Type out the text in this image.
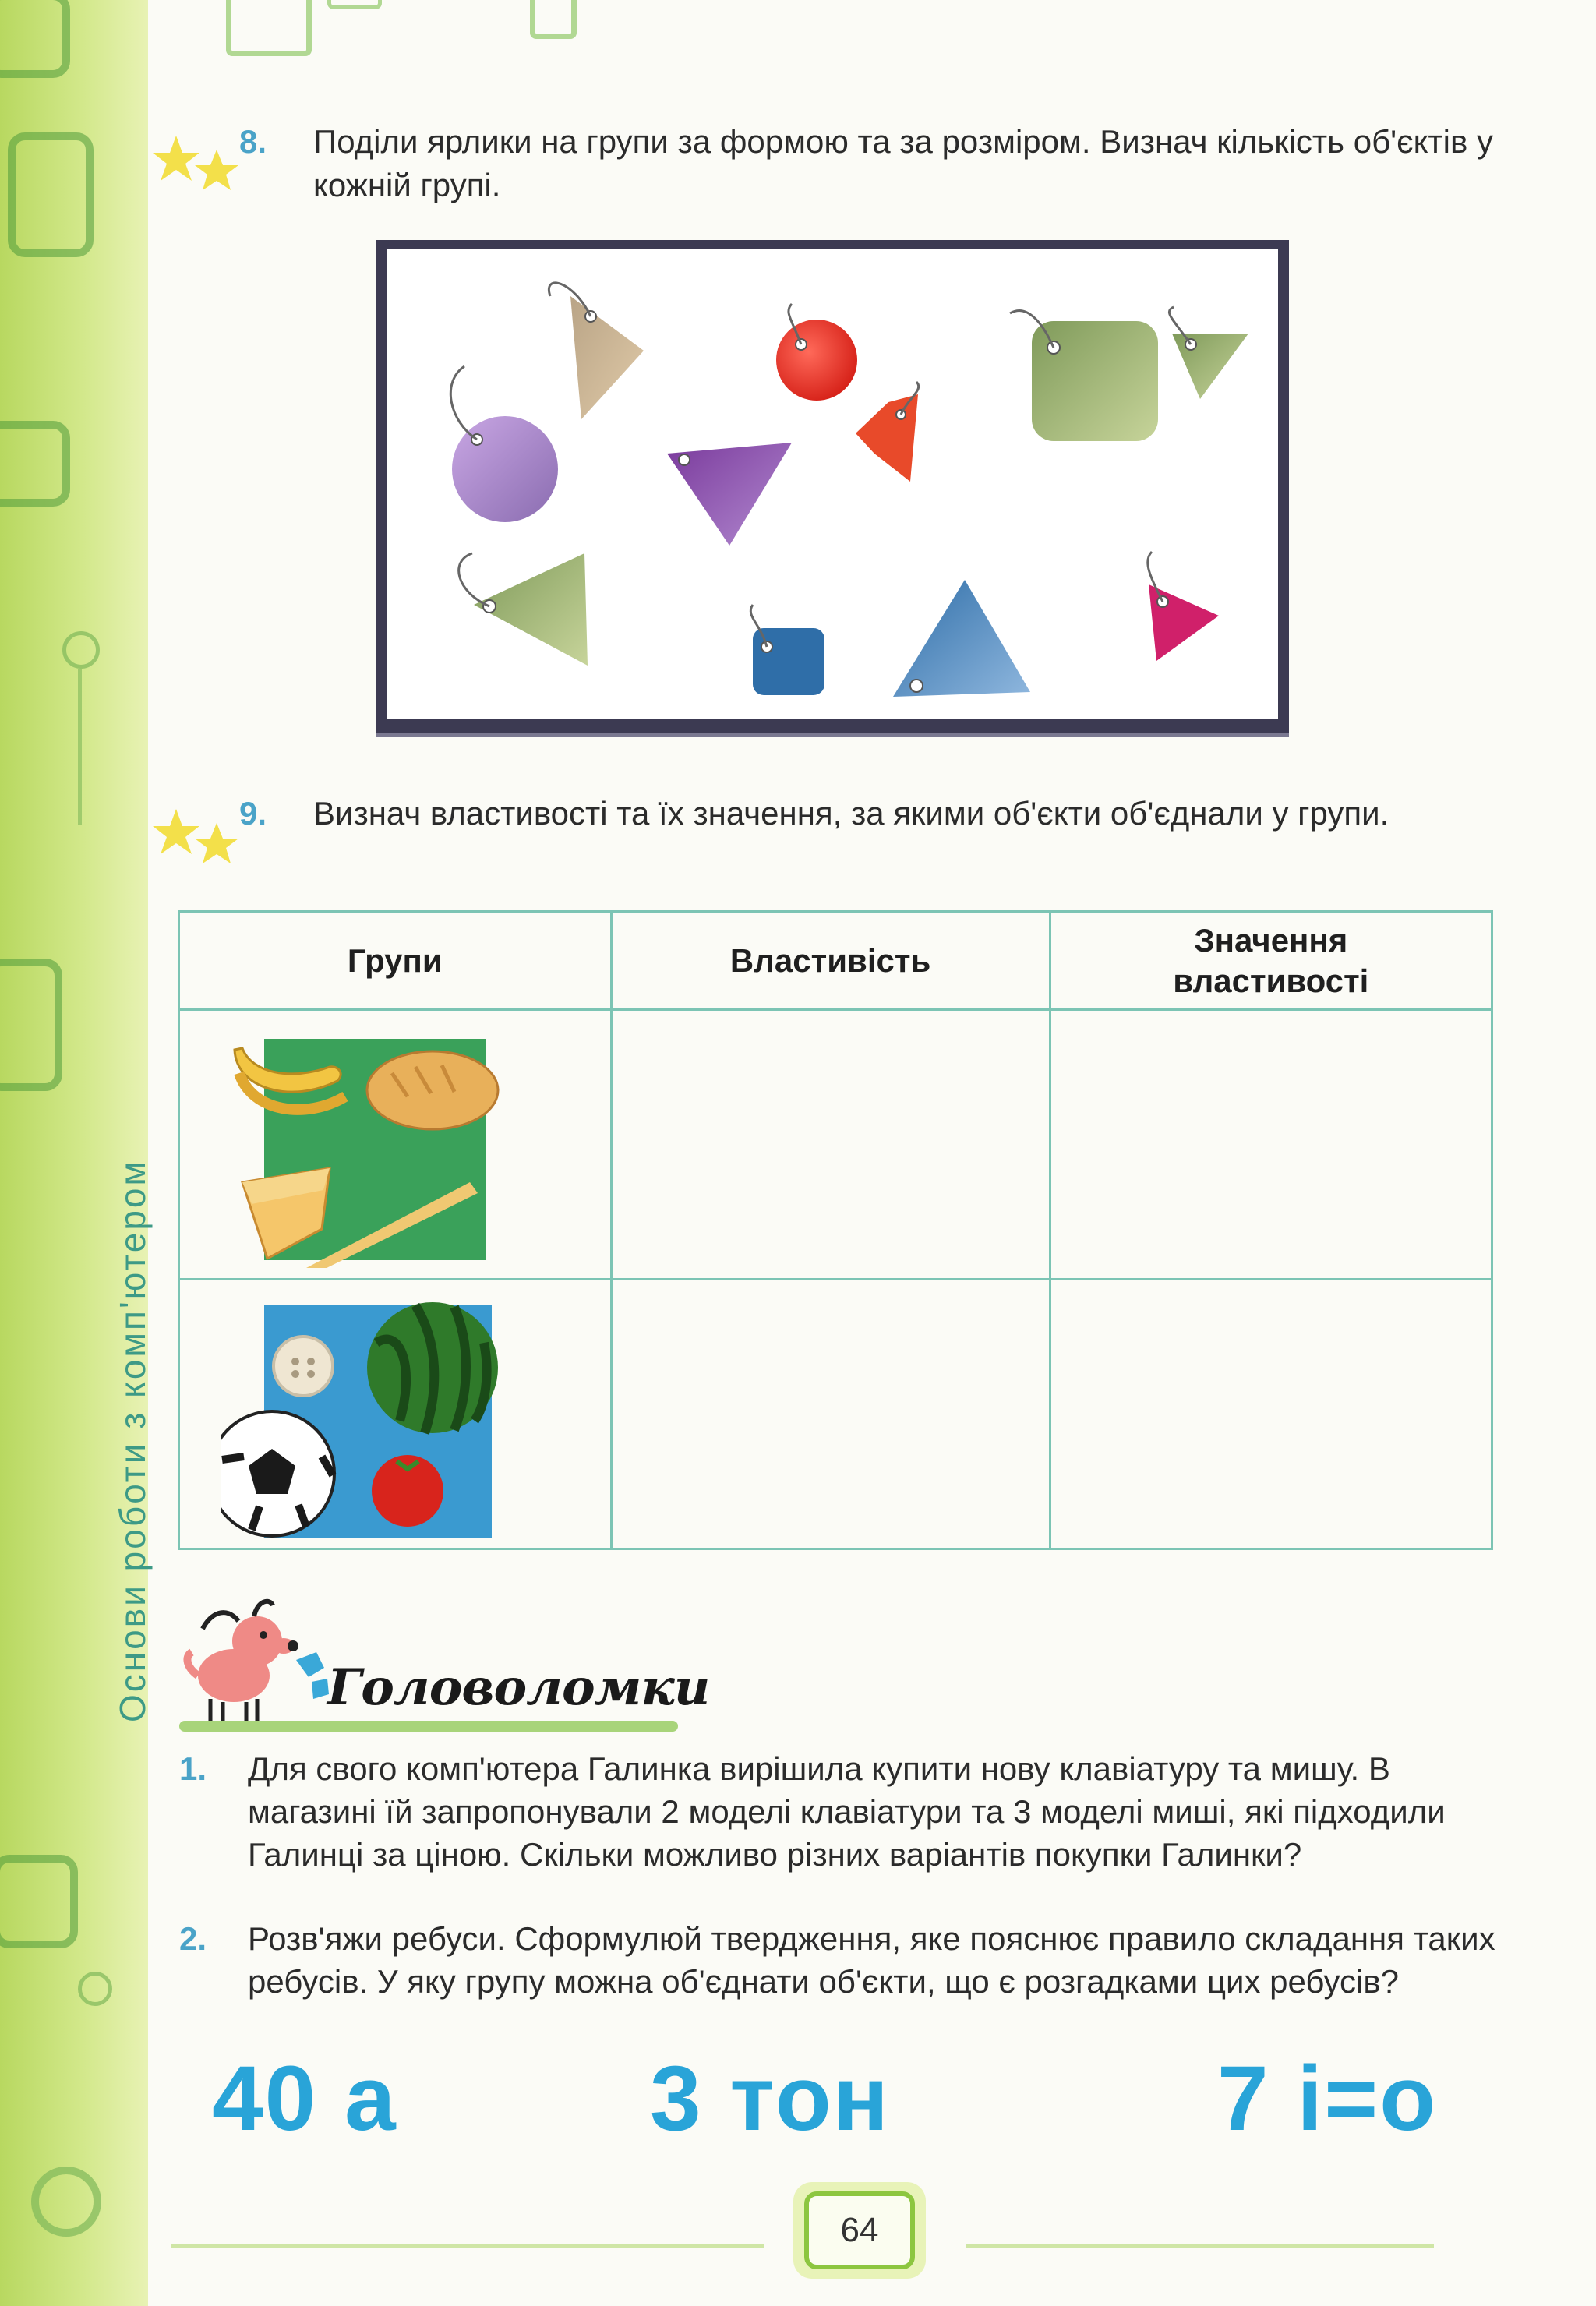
Основи роботи з комп'ютером
8.	Поділи ярлики на групи за формою та за розміром. Визнач кількість об'єктів у кожній групі.
9.	Визнач властивості та їх значення, за якими об'єкти об'єднали у групи.
Групи	Властивість	Значення властивості

Головоломки
1.	Для свого комп'ютера Галинка вирішила купити нову клавіатуру та мишу. В магазині їй запропонували 2 моделі клавіатури та 3 моделі миші, які підходили Галинці за ціною. Скільки можливо різних варіантів покупки Галинки?
2.	Розв'яжи ребуси. Сформулюй твердження, яке пояснює правило складання таких ребусів. У яку групу можна об'єднати об'єкти, що є розгадками цих ребусів?
40 а	3 тон	7 і=о
64
